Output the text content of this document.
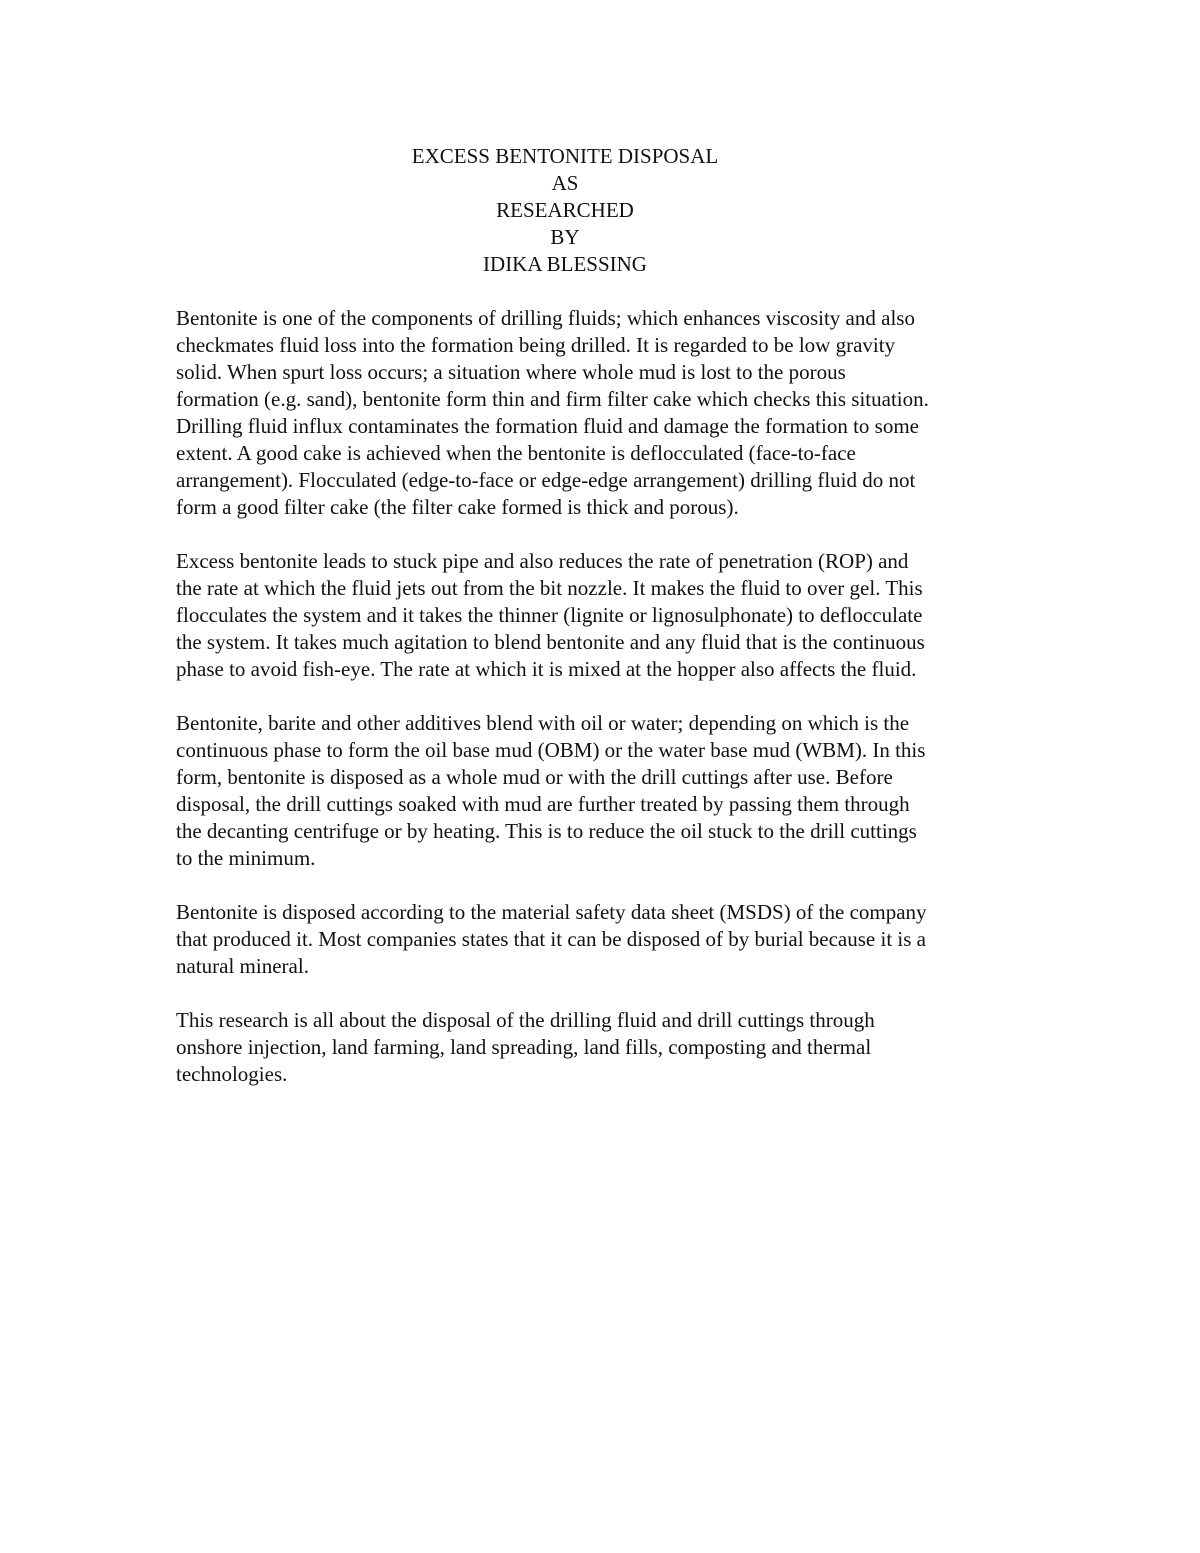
EXCESS BENTONITE DISPOSAL
AS
RESEARCHED
BY
IDIKA BLESSING
Bentonite is one of the components of drilling fluids; which enhances viscosity and also
checkmates fluid loss into the formation being drilled. It is regarded to be low gravity
solid. When spurt loss occurs; a situation where whole mud is lost to the porous
formation (e.g. sand), bentonite form thin and firm filter cake which checks this situation.
Drilling fluid influx contaminates the formation fluid and damage the formation to some
extent. A good cake is achieved when the bentonite is deflocculated (face-to-face
arrangement). Flocculated (edge-to-face or edge-edge arrangement) drilling fluid do not
form a good filter cake (the filter cake formed is thick and porous).
Excess bentonite leads to stuck pipe and also reduces the rate of penetration (ROP) and
the rate at which the fluid jets out from the bit nozzle. It makes the fluid to over gel. This
flocculates the system and it takes the thinner (lignite or lignosulphonate) to deflocculate
the system. It takes much agitation to blend bentonite and any fluid that is the continuous
phase to avoid fish-eye. The rate at which it is mixed at the hopper also affects the fluid.
Bentonite, barite and other additives blend with oil or water; depending on which is the
continuous phase to form the oil base mud (OBM) or the water base mud (WBM). In this
form, bentonite is disposed as a whole mud or with the drill cuttings after use. Before
disposal, the drill cuttings soaked with mud are further treated by passing them through
the decanting centrifuge or by heating. This is to reduce the oil stuck to the drill cuttings
to the minimum.
Bentonite is disposed according to the material safety data sheet (MSDS) of the company
that produced it. Most companies states that it can be disposed of by burial because it is a
natural mineral.
This research is all about the disposal of the drilling fluid and drill cuttings through
onshore injection, land farming, land spreading, land fills, composting and thermal
technologies.
